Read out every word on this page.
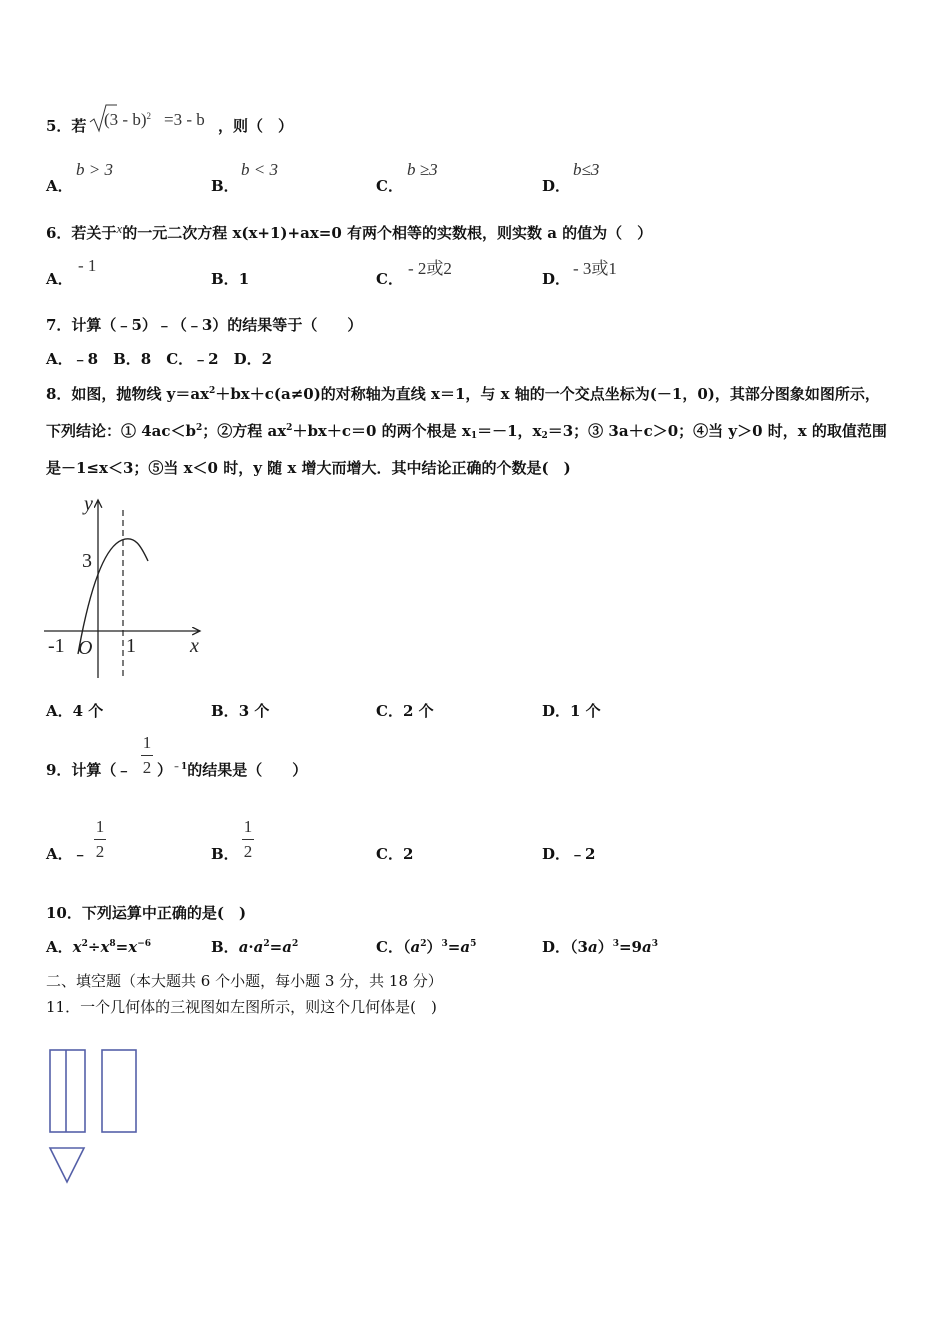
5．若 (3 - b)$^2$ =3 - b ，则（　）
A．
b > 3
B．
b < 3
C．
b ≥3
D．
b≤3
6．若关于x的一元二次方程 x(x+1)+ax=0 有两个相等的实数根，则实数 a 的值为（　）
A．
- 1
B．1	C．
- 2或2
D．
- 3或1
7．计算（﹣5）﹣（﹣3）的结果等于（　　）
A．﹣8　B．8　C．﹣2　D．2
8．如图，抛物线 $y=ax^2+bx+c(a\ne 0)$的对称轴为直线 x＝1，与 x 轴的一个交点坐标为(－1，0)，其部分图象如图所示，
下列结论：① $4ac<b^2$；②方程 $ax^2+bx+c=0$ 的两个根是 $x_1=-1$，$x_2=3$；③ 3a＋c＞0；④当 y＞0 时，x 的取值范围
是－1≤x＜3；⑤当 x＜0 时，y 随 x 增大而增大．其中结论正确的个数是(　)
y
x
3
-1 O 1
A．4 个	B．3 个	C．2 个	D．1 个
9．计算（﹣
1
2 ）$^{﹣1}$的结果是（　　）
A．﹣
1
2	B．
1
2	C．2	D．﹣2
10．下列运算中正确的是(　)
A．$x^2\div x^8=x^{-6}$	B．$a\cdot a^2=a^2$	C．$(a^2)^3=a^5$	D．$(3a)^3=9a^3$
二、填空题（本大题共 6 个小题，每小题 3 分，共 18 分）
11．一个几何体的三视图如左图所示，则这个几何体是(　)
